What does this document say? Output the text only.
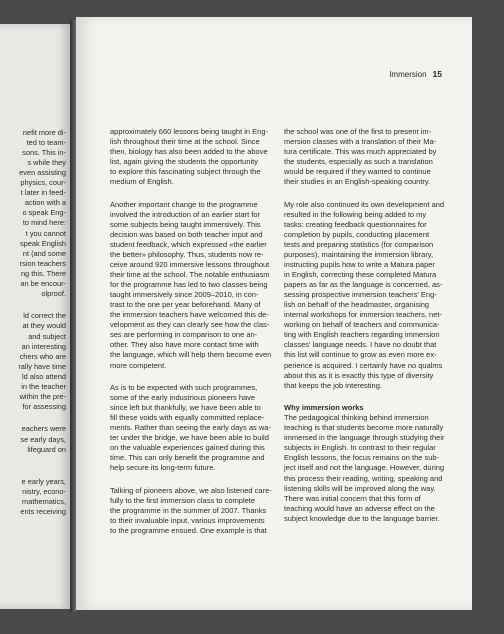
nefit more di-
ted to team-
sons. This in-
s while they
even assisting
physics, cour-
t later in feed-
action with a
o speak Eng-
to mind here:
t you cannot
speak English
nt (and some
rsion teachers
ng this. There
an be encour-
olproof.
ld correct the
at they would
and subject
an interesting
chers who are
rally have time
ld also attend
in the teacher
within the pre-
for assessing
eachers were
se early days,
lifeguard on
e early years,
nistry, econo-
mathematics,
ents receiving
Immersion 15
approximately 660 lessons being taught in Eng-
lish throughout their time at the school. Since
then, biology has also been added to the above
list, again giving the students the opportunity
to explore this fascinating subject through the
medium of English.
Another important change to the programme
involved the introduction of an earlier start for
some subjects being taught immersively. This
decision was based on both teacher input and
student feedback, which expressed «the earlier
the better» philosophy. Thus, students now re-
ceive around 920 immersive lessons throughout
their time at the school. The notable enthusiasm
for the programme has led to two classes being
taught immersively since 2009–2010, in con-
trast to the one per year beforehand. Many of
the immersion teachers have welcomed this de-
velopment as they can clearly see how the clas-
ses are performing in comparison to one an-
other. They also have more contact time with
the language, which will help them become even
more competent.
As is to be expected with such programmes,
some of the early industrious pioneers have
since left but thankfully, we have been able to
fill these voids with equally committed replace-
ments. Rather than seeing the early days as wa-
ter under the bridge, we have been able to build
on the valuable experiences gained during this
time. This can only benefit the programme and
help secure its long-term future.
Talking of pioneers above, we also listened care-
fully to the first immersion class to complete
the programme in the summer of 2007. Thanks
to their invaluable input, various improvements
to the programme ensued. One example is that
the school was one of the first to present im-
mersion classes with a translation of their Ma-
tura certificate. This was much appreciated by
the students, especially as such a translation
would be required if they wanted to continue
their studies in an English-speaking country.
My role also continued its own development and
resulted in the following being added to my
tasks: creating feedback questionnaires for
completion by pupils, conducting placement
tests and preparing statistics (for comparison
purposes), maintaining the immersion library,
instructing pupils how to write a Matura paper
in English, correcting these completed Matura
papers as far as the language is concerned, as-
sessing prospective immersion teachers' Eng-
lish on behalf of the headmaster, organising
internal workshops for immersion teachers, net-
working on behalf of teachers and communica-
ting with English teachers regarding immersion
classes' language needs. I have no doubt that
this list will continue to grow as even more ex-
perience is acquired. I certainly have no qualms
about this as it is exactly this type of diversity
that keeps the job interesting.
Why immersion works
The pedagogical thinking behind immersion
teaching is that students become more naturally
immersed in the language through studying their
subjects in English. In contrast to their regular
English lessons, the focus remains on the sub-
ject itself and not the language. However, during
this process their reading, writing, speaking and
listening skills will be improved along the way.
There was initial concern that this form of
teaching would have an adverse effect on the
subject knowledge due to the language barrier.
